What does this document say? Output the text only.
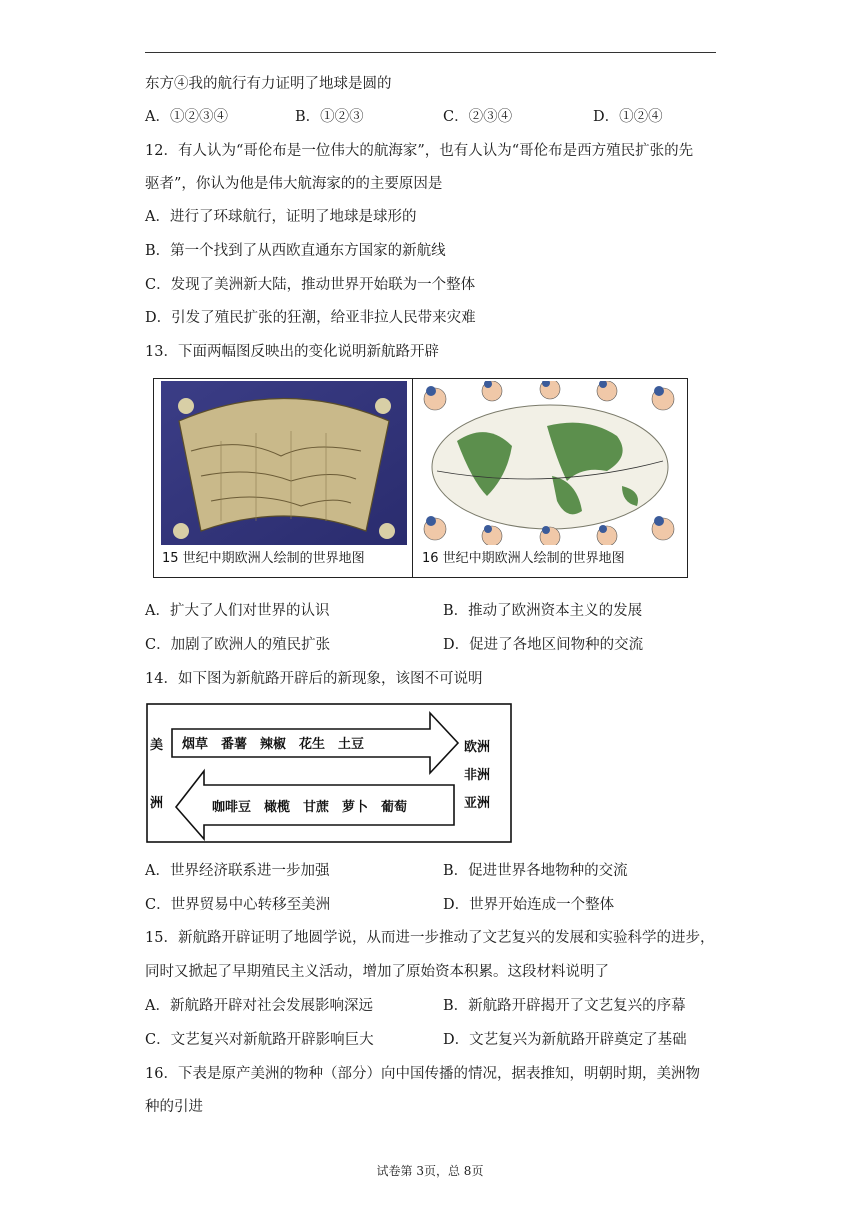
东方④我的航行有力证明了地球是圆的
A．①②③④	B．①②③	C．②③④	D．①②④
12．有人认为“哥伦布是一位伟大的航海家”，也有人认为“哥伦布是西方殖民扩张的先
驱者”，你认为他是伟大航海家的的主要原因是
A．进行了环球航行，证明了地球是球形的
B．第一个找到了从西欧直通东方国家的新航线
C．发现了美洲新大陆，推动世界开始联为一个整体
D．引发了殖民扩张的狂潮，给亚非拉人民带来灾难
13．下面两幅图反映出的变化说明新航路开辟
15 世纪中期欧洲人绘制的世界地图	16 世纪中期欧洲人绘制的世界地图
A．扩大了人们对世界的认识	B．推动了欧洲资本主义的发展
C．加剧了欧洲人的殖民扩张	D．促进了各地区间物种的交流
14．如下图为新航路开辟后的新现象，该图不可说明
美
洲
烟草　番薯　辣椒　花生　土豆
咖啡豆　橄榄　甘蔗　萝卜　葡萄
欧洲
非洲
亚洲
A．世界经济联系进一步加强	B．促进世界各地物种的交流
C．世界贸易中心转移至美洲	D．世界开始连成一个整体
15．新航路开辟证明了地圆学说，从而进一步推动了文艺复兴的发展和实验科学的进步，
同时又掀起了早期殖民主义活动，增加了原始资本积累。这段材料说明了
A．新航路开辟对社会发展影响深远	B．新航路开辟揭开了文艺复兴的序幕
C．文艺复兴对新航路开辟影响巨大	D．文艺复兴为新航路开辟奠定了基础
16．下表是原产美洲的物种（部分）向中国传播的情况，据表推知，明朝时期，美洲物
种的引进
试卷第 3页，总 8页
